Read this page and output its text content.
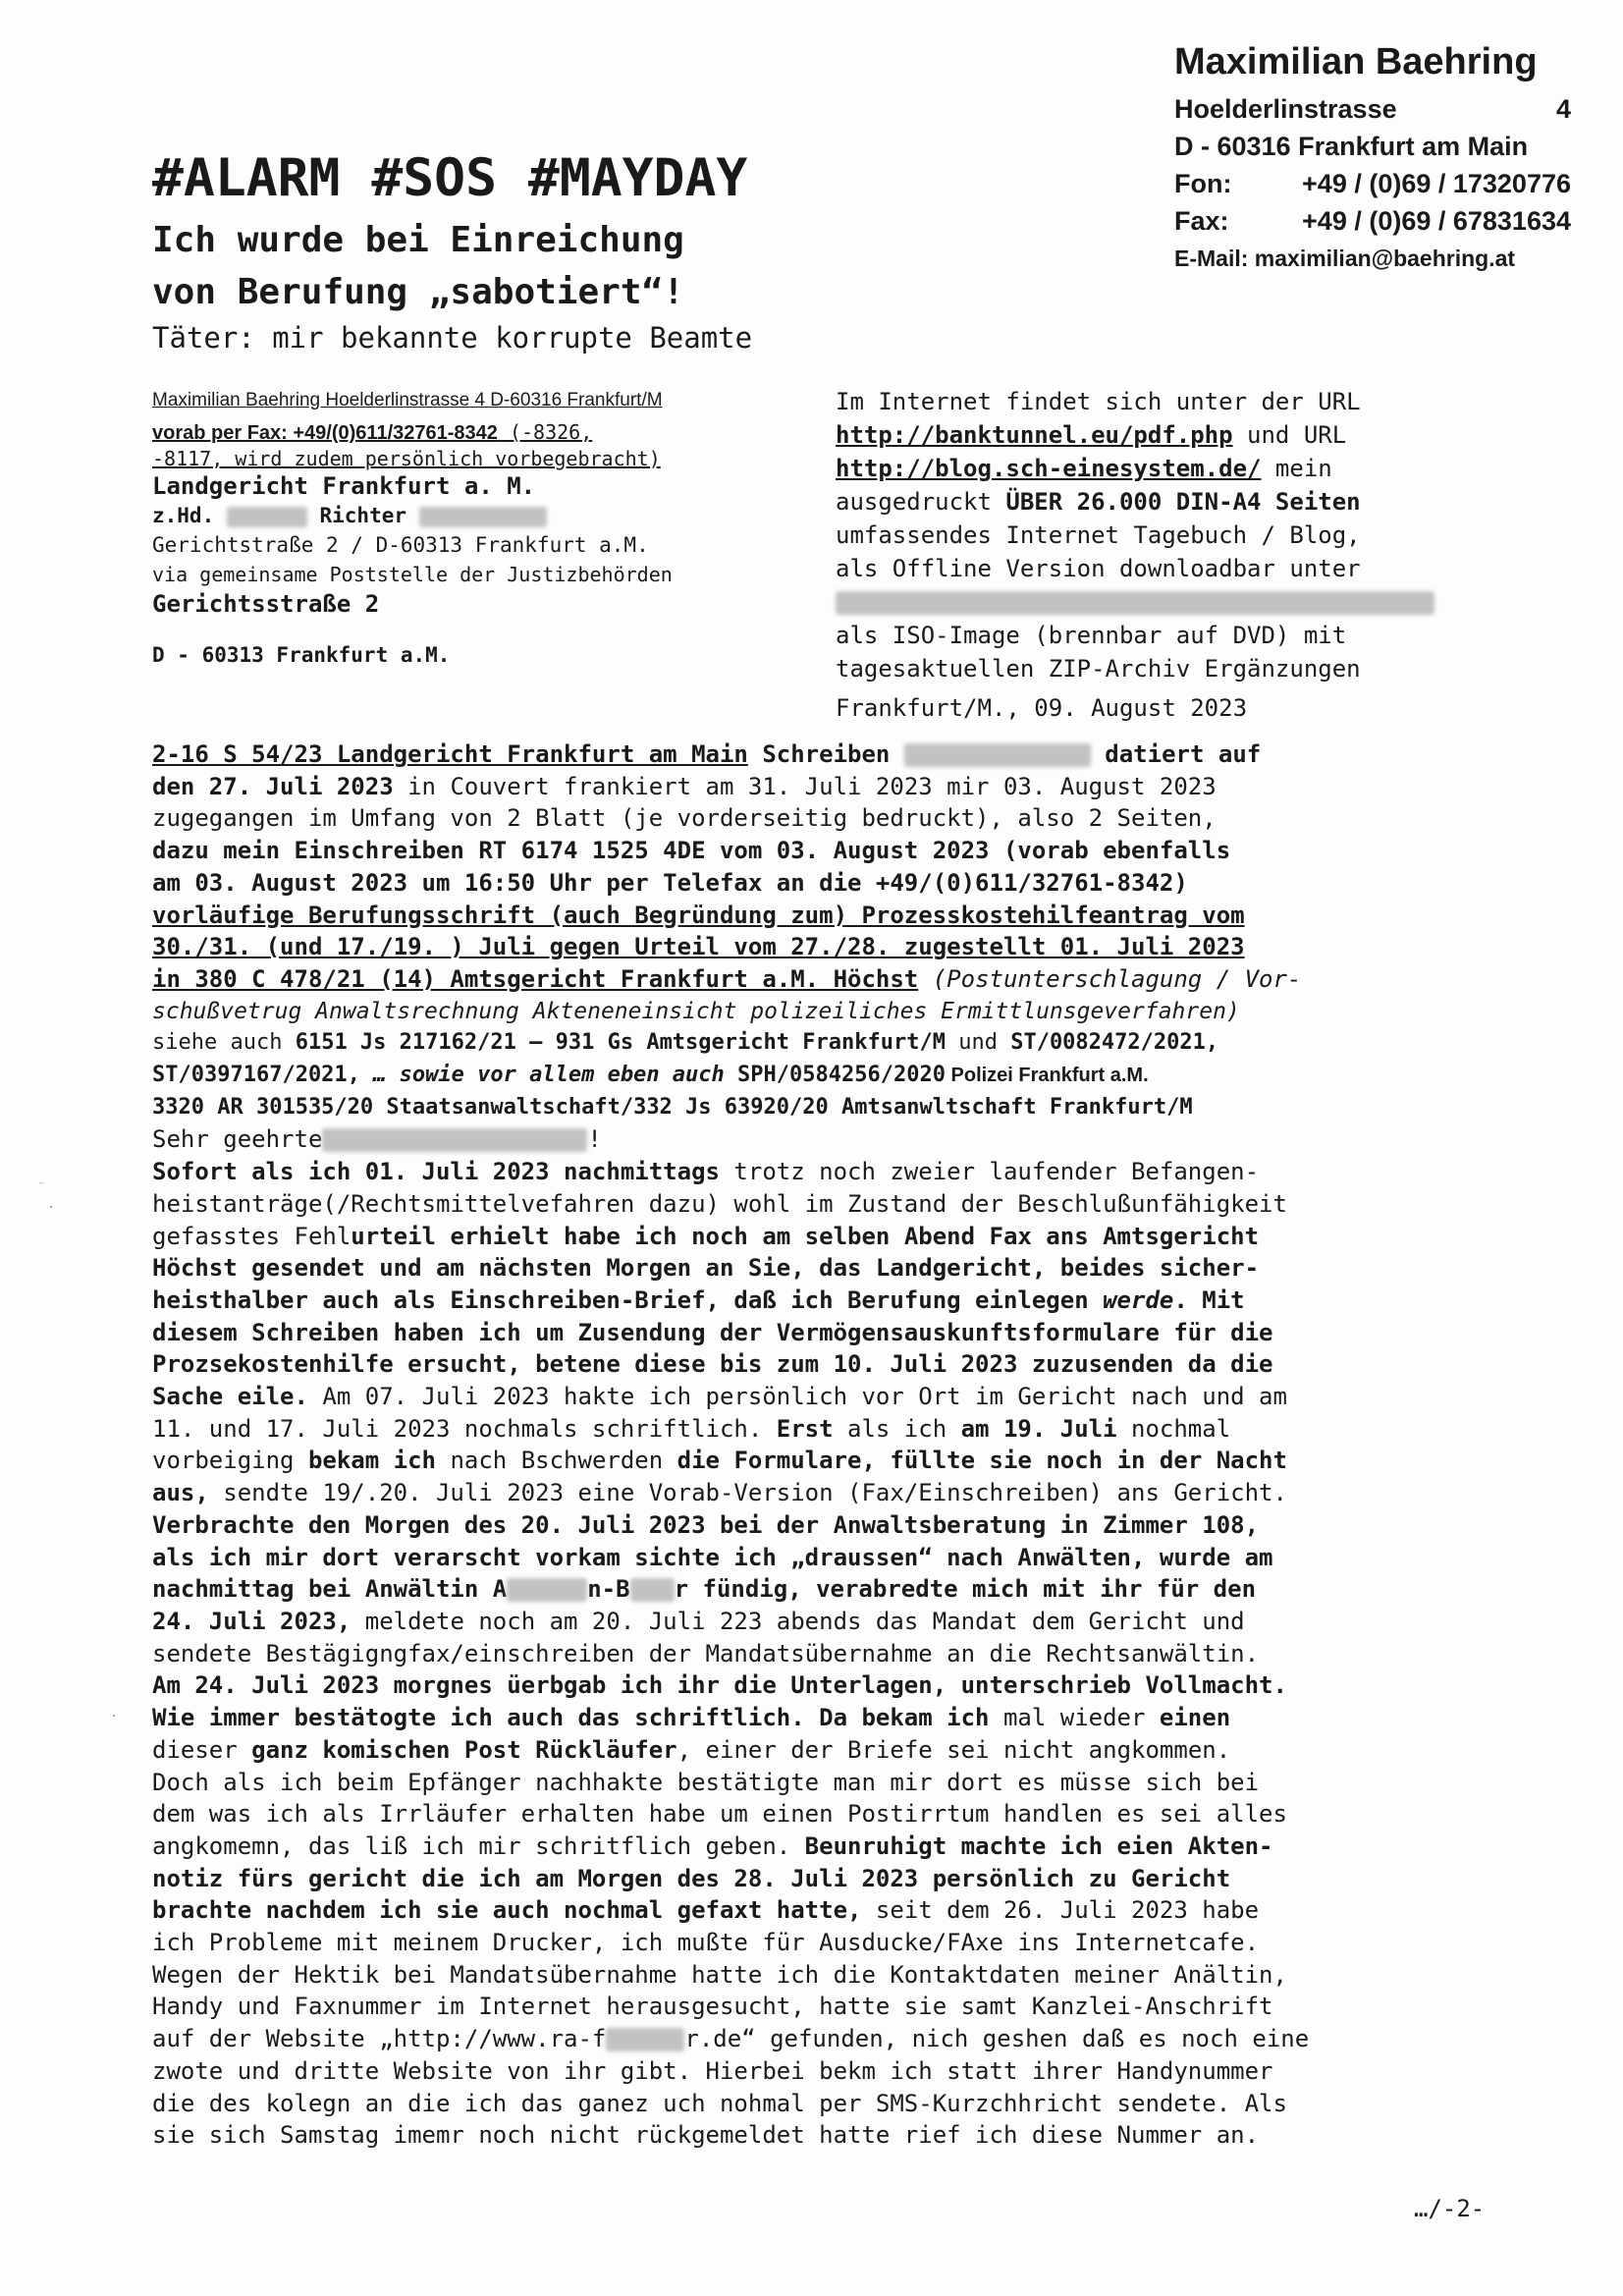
Maximilian Baehring
Hoelderlinstrasse	4
D - 60316 Frankfurt am Main
Fon:	+49 / (0)69 / 17320776
Fax:	+49 / (0)69 / 67831634
E-Mail: maximilian@baehring.at
#ALARM #SOS #MAYDAY
Ich wurde bei Einreichung
von Berufung „sabotiert“!
Täter: mir bekannte korrupte Beamte
Maximilian Baehring Hoelderlinstrasse 4 D-60316 Frankfurt/M
vorab per Fax: +49/(0)611/32761-8342 (-8326,
-8117, wird zudem persönlich vorbegebracht)
Landgericht Frankfurt a. M.
z.Hd.	Richter
Gerichtstraße 2 / D-60313 Frankfurt a.M.
via gemeinsame Poststelle der Justizbehörden
Gerichtsstraße 2
D - 60313 Frankfurt a.M.
Im Internet findet sich unter der URL
http://banktunnel.eu/pdf.php und URL
http://blog.sch-einesystem.de/ mein
ausgedruckt ÜBER 26.000 DIN-A4 Seiten
umfassendes Internet Tagebuch / Blog,
als Offline Version downloadbar unter
als ISO-Image (brennbar auf DVD) mit
tagesaktuellen ZIP-Archiv Ergänzungen
Frankfurt/M., 09. August 2023

2-16 S 54/23 Landgericht Frankfurt am Main Schreiben	datiert auf

den 27. Juli 2023 in Couvert frankiert am 31. Juli 2023 mir 03. August 2023

zugegangen im Umfang von 2 Blatt (je vorderseitig bedruckt), also 2 Seiten,

dazu mein Einschreiben RT 6174 1525 4DE vom 03. August 2023 (vorab ebenfalls

am 03. August 2023 um 16:50 Uhr per Telefax an die +49/(0)611/32761-8342)

vorläufige Berufungsschrift (auch Begründung zum) Prozesskostehilfeantrag vom

30./31. (und 17./19. ) Juli gegen Urteil vom 27./28. zugestellt 01. Juli 2023

in 380 C 478/21 (14) Amtsgericht Frankfurt a.M. Höchst (Postunterschlagung / Vor-

schußvetrug Anwaltsrechnung Akteneneinsicht polizeiliches Ermittlunsgeverfahren)

siehe auch 6151 Js 217162/21 – 931 Gs Amtsgericht Frankfurt/M und ST/0082472/2021,

ST/0397167/2021, … sowie vor allem eben auch SPH/0584256/2020 Polizei Frankfurt a.M.

3320 AR 301535/20 Staatsanwaltschaft/332 Js 63920/20 Amtsanwltschaft Frankfurt/M

Sehr geehrte	!

Sofort als ich 01. Juli 2023 nachmittags trotz noch zweier laufender Befangen-

heistanträge(/Rechtsmittelvefahren dazu) wohl im Zustand der Beschlußunfähigkeit

gefasstes Fehlurteil erhielt habe ich noch am selben Abend Fax ans Amtsgericht

Höchst gesendet und am nächsten Morgen an Sie, das Landgericht, beides sicher-

heisthalber auch als Einschreiben-Brief, daß ich Berufung einlegen werde. Mit

diesem Schreiben haben ich um Zusendung der Vermögensauskunftsformulare für die

Prozsekostenhilfe ersucht, betene diese bis zum 10. Juli 2023 zuzusenden da die

Sache eile. Am 07. Juli 2023 hakte ich persönlich vor Ort im Gericht nach und am

11. und 17. Juli 2023 nochmals schriftlich. Erst als ich am 19. Juli nochmal

vorbeiging bekam ich nach Bschwerden die Formulare, füllte sie noch in der Nacht

aus, sendte 19/.20. Juli 2023 eine Vorab-Version (Fax/Einschreiben) ans Gericht.

Verbrachte den Morgen des 20. Juli 2023 bei der Anwaltsberatung in Zimmer 108,

als ich mir dort verarscht vorkam sichte ich „draussen“ nach Anwälten, wurde am

nachmittag bei Anwältin A	n-B r fündig, verabredte mich mit ihr für den

24. Juli 2023, meldete noch am 20. Juli 223 abends das Mandat dem Gericht und

sendete Bestägigngfax/einschreiben der Mandatsübernahme an die Rechtsanwältin.

Am 24. Juli 2023 morgnes üerbgab ich ihr die Unterlagen, unterschrieb Vollmacht.

Wie immer bestätogte ich auch das schriftlich. Da bekam ich mal wieder einen

dieser ganz komischen Post Rückläufer, einer der Briefe sei nicht angkommen.

Doch als ich beim Epfänger nachhakte bestätigte man mir dort es müsse sich bei

dem was ich als Irrläufer erhalten habe um einen Postirrtum handlen es sei alles

angkomemn, das liß ich mir schritflich geben. Beunruhigt machte ich eien Akten-

notiz fürs gericht die ich am Morgen des 28. Juli 2023 persönlich zu Gericht

brachte nachdem ich sie auch nochmal gefaxt hatte, seit dem 26. Juli 2023 habe

ich Probleme mit meinem Drucker, ich mußte für Ausducke/FAxe ins Internetcafe.

Wegen der Hektik bei Mandatsübernahme hatte ich die Kontaktdaten meiner Anältin,

Handy und Faxnummer im Internet herausgesucht, hatte sie samt Kanzlei-Anschrift

auf der Website „http://www.ra-f	r.de“ gefunden, nich geshen daß es noch eine

zwote und dritte Website von ihr gibt. Hierbei bekm ich statt ihrer Handynummer

die des kolegn an die ich das ganez uch nohmal per SMS-Kurzchhricht sendete. Als

sie sich Samstag imemr noch nicht rückgemeldet hatte rief ich diese Nummer an.

⁻
·
·
…/-2-
